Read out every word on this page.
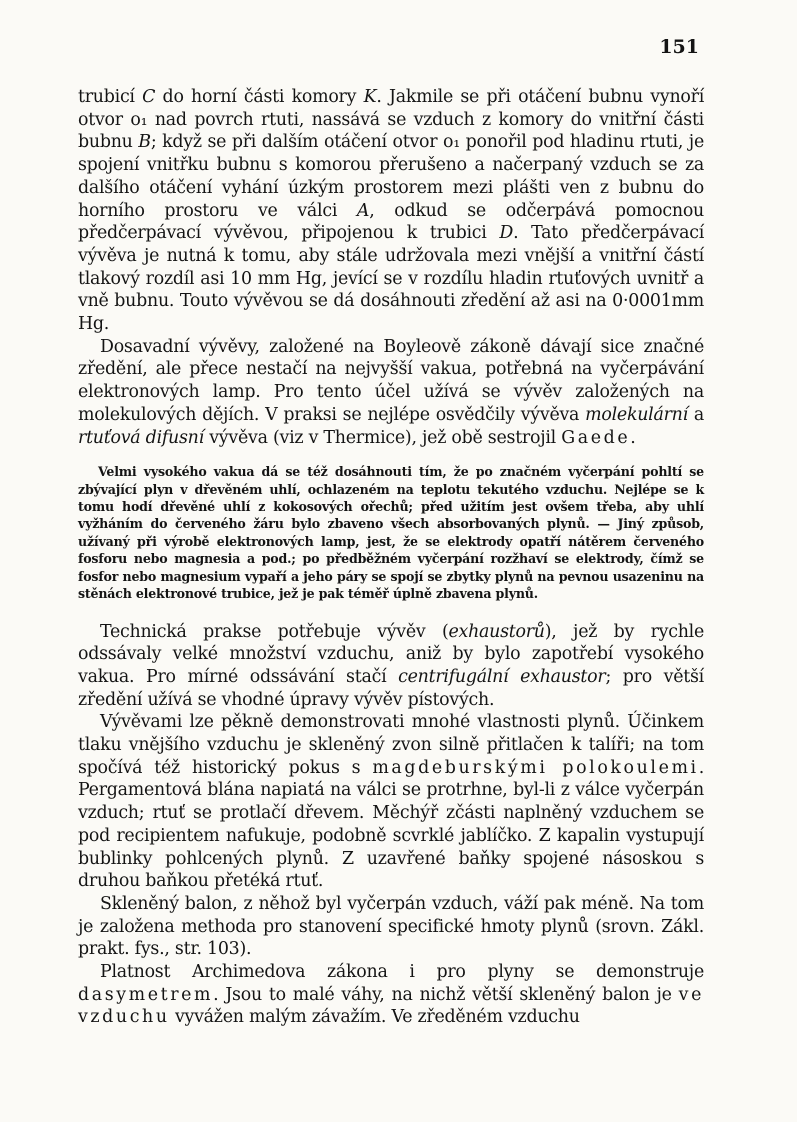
151

trubicí C do horní části komory K. Jakmile se při otáčení bubnu vynoří otvor o₁ nad povrch rtuti, nassává se vzduch z komory do vnitřní části bubnu B; když se při dalším otáčení otvor o₁ ponořil pod hladinu rtuti, je spojení vnitřku bubnu s komorou přerušeno a načerpaný vzduch se za dalšího otáčení vyhání úzkým prostorem mezi plášti ven z bubnu do horního prostoru ve válci A, odkud se odčerpává pomocnou předčerpávací vývěvou, připojenou k trubici D. Tato předčerpávací vývěva je nutná k tomu, aby stále udržovala mezi vnější a vnitřní částí tlakový rozdíl asi 10 mm Hg, jevící se v rozdílu hladin rtuťových uvnitř a vně bubnu. Touto vývěvou se dá dosáhnouti zředění až asi na 0·0001mm Hg.

Dosavadní vývěvy, založené na Boyleově zákoně dávají sice značné zředění, ale přece nestačí na nejvyšší vakua, potřebná na vyčerpávání elektronových lamp. Pro tento účel užívá se vývěv založených na molekulových dějích. V praksi se nejlépe osvědčily vývěva molekulární a rtuťová difusní vývěva (viz v Thermice), jež obě sestrojil Gaede.

Velmi vysokého vakua dá se též dosáhnouti tím, že po značném vyčerpání pohltí se zbývající plyn v dřevěném uhlí, ochlazeném na teplotu tekutého vzduchu. Nejlépe se k tomu hodí dřevěné uhlí z kokosových ořechů; před užitím jest ovšem třeba, aby uhlí vyžháním do červeného žáru bylo zbaveno všech absorbovaných plynů. — Jiný způsob, užívaný při výrobě elektronových lamp, jest, že se elektrody opatří nátěrem červeného fosforu nebo magnesia a pod.; po předběžném vyčerpání rozžhaví se elektrody, čímž se fosfor nebo magnesium vypaří a jeho páry se spojí se zbytky plynů na pevnou usazeninu na stěnách elektronové trubice, jež je pak téměř úplně zbavena plynů.

Technická prakse potřebuje vývěv (exhaustorů), jež by rychle odssávaly velké množství vzduchu, aniž by bylo zapotřebí vysokého vakua. Pro mírné odssávání stačí centrifugální exhaustor; pro větší zředění užívá se vhodné úpravy vývěv pístových.

Vývěvami lze pěkně demonstrovati mnohé vlastnosti plynů. Účinkem tlaku vnějšího vzduchu je skleněný zvon silně přitlačen k talíři; na tom spočívá též historický pokus s magdeburskými polokoulemi. Pergamentová blána napiatá na válci se protrhne, byl-li z válce vyčerpán vzduch; rtuť se protlačí dřevem. Měchýř zčásti naplněný vzduchem se pod recipientem nafukuje, podobně scvrklé jablíčko. Z kapalin vystupují bublinky pohlcených plynů. Z uzavřené baňky spojené násoskou s druhou baňkou přetéká rtuť.

Skleněný balon, z něhož byl vyčerpán vzduch, váží pak méně. Na tom je založena methoda pro stanovení specifické hmoty plynů (srovn. Zákl. prakt. fys., str. 103).

Platnost Archimedova zákona i pro plyny se demonstruje dasymetrem. Jsou to malé váhy, na nichž větší skleněný balon je ve vzduchu vyvážen malým závažím. Ve zředěném vzduchu
